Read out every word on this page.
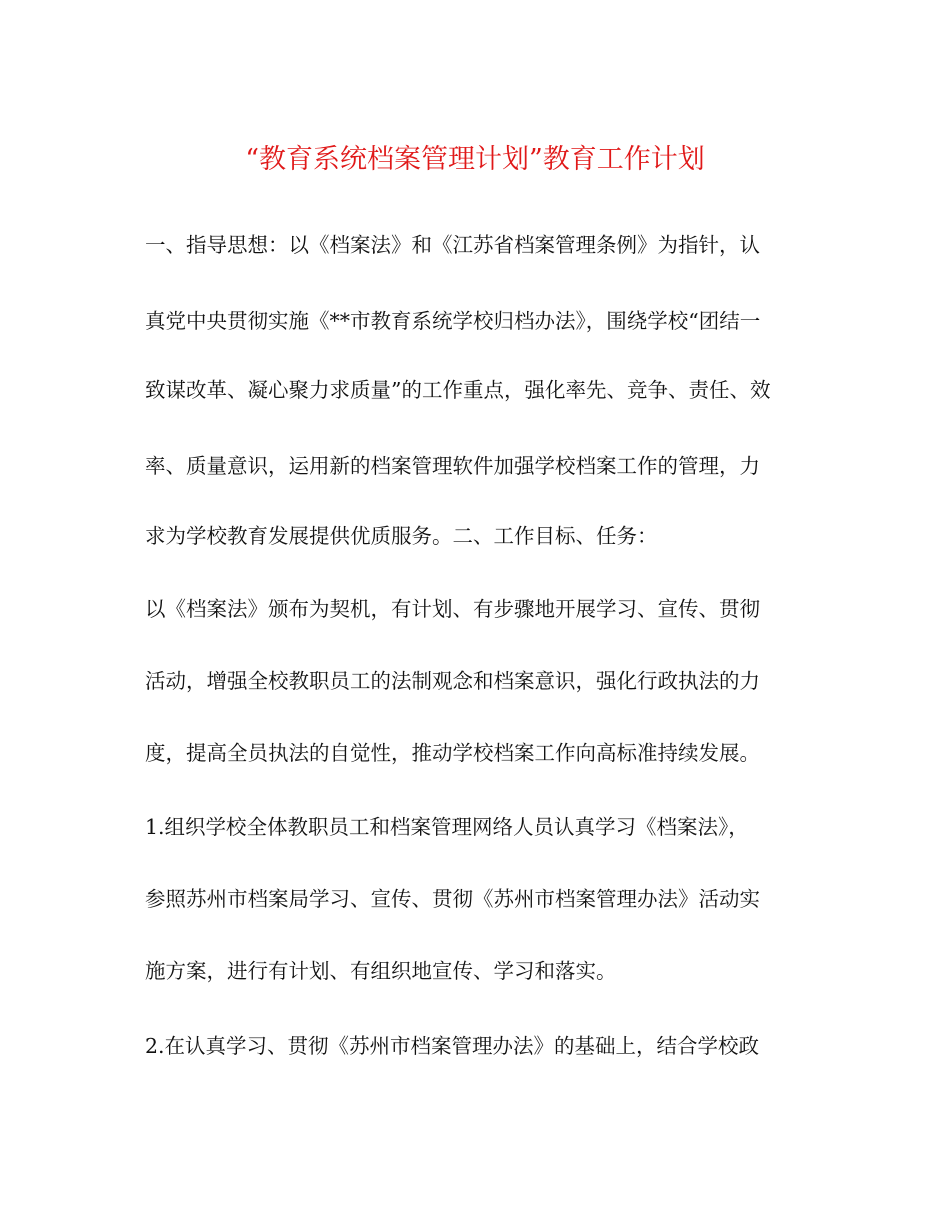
“教育系统档案管理计划”教育工作计划
一、指导思想：以《档案法》和《江苏省档案管理条例》为指针，认
真党中央贯彻实施《**市教育系统学校归档办法》，围绕学校“团结一
致谋改革、凝心聚力求质量”的工作重点，强化率先、竞争、责任、效
率、质量意识，运用新的档案管理软件加强学校档案工作的管理，力
求为学校教育发展提供优质服务。二、工作目标、任务：
以《档案法》颁布为契机，有计划、有步骤地开展学习、宣传、贯彻
活动，增强全校教职员工的法制观念和档案意识，强化行政执法的力
度，提高全员执法的自觉性，推动学校档案工作向高标准持续发展。
1.组织学校全体教职员工和档案管理网络人员认真学习《档案法》，
参照苏州市档案局学习、宣传、贯彻《苏州市档案管理办法》活动实
施方案，进行有计划、有组织地宣传、学习和落实。
2.在认真学习、贯彻《苏州市档案管理办法》的基础上，结合学校政
